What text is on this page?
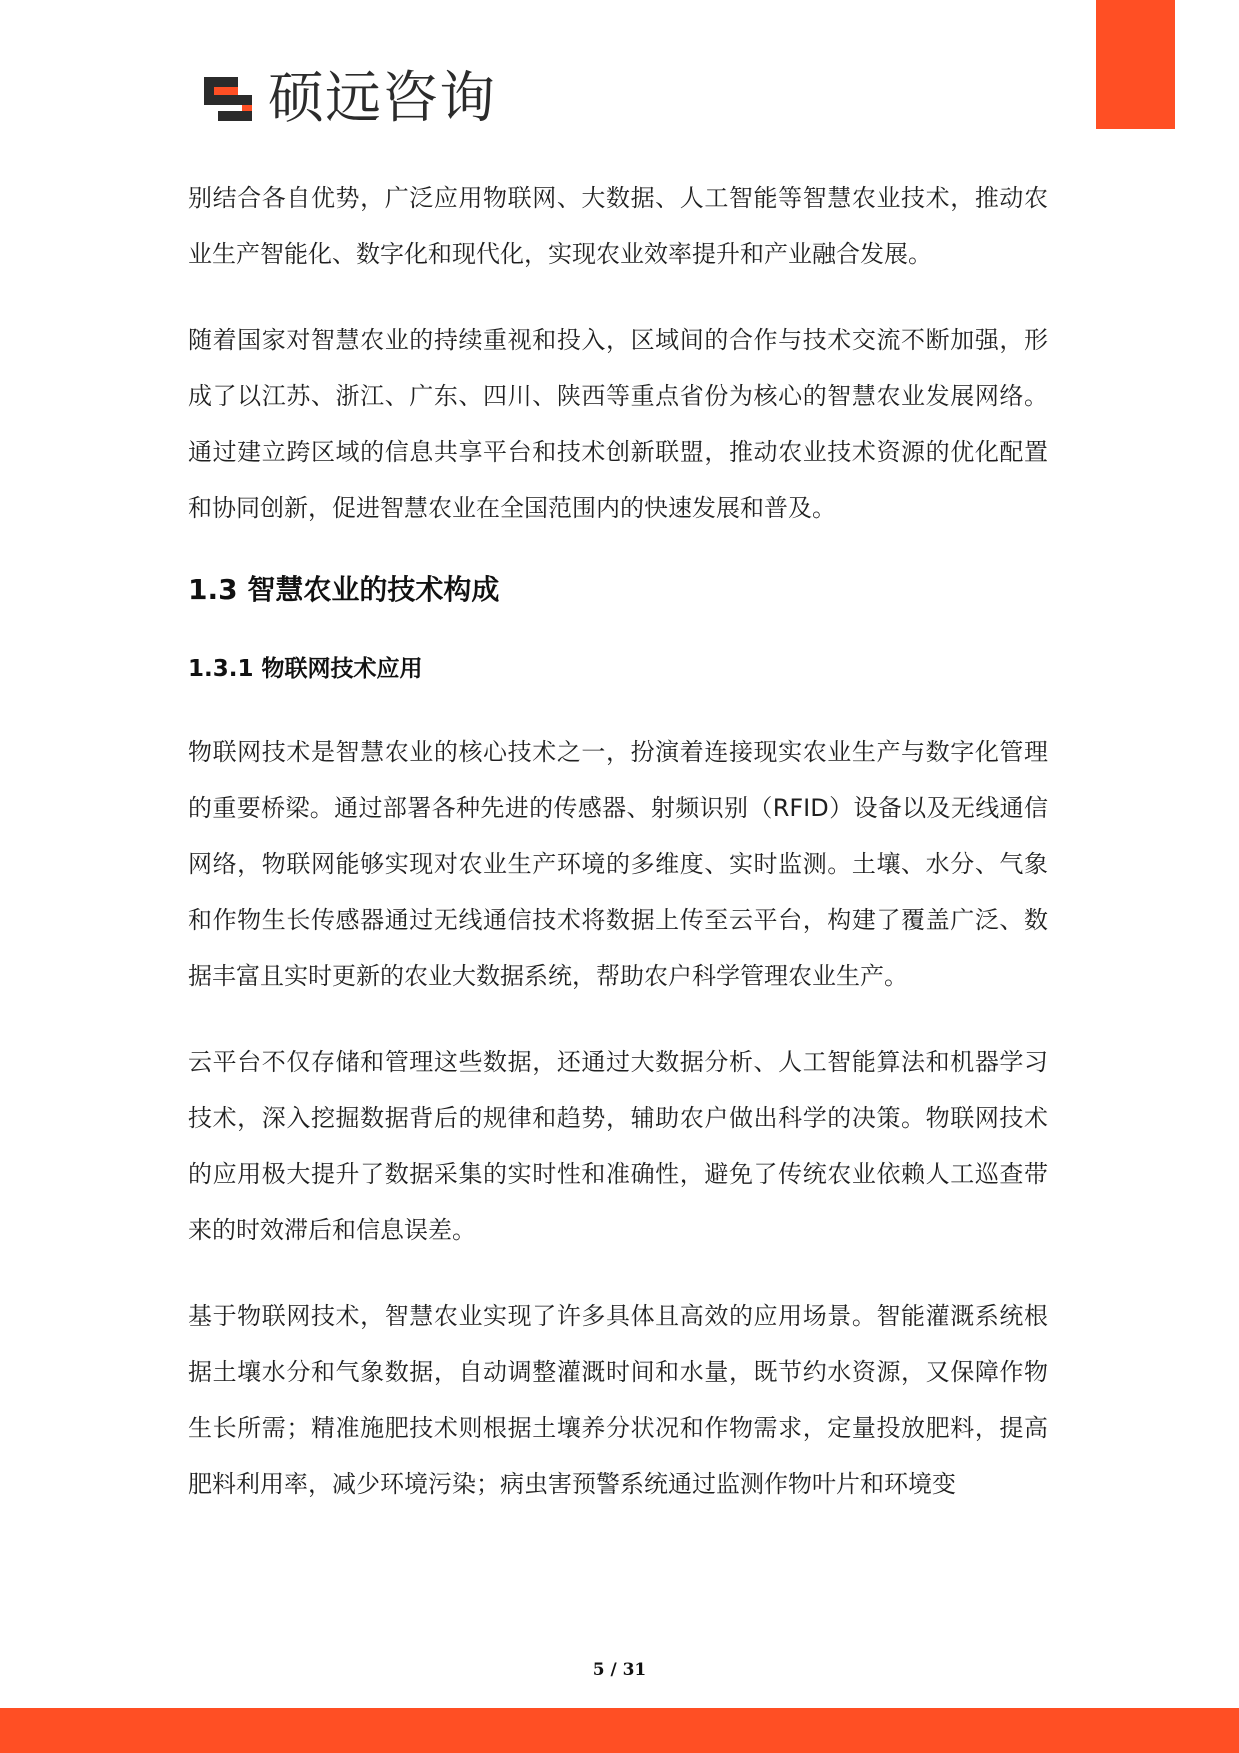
硕远咨询

别结合各自优势，广泛应用物联网、大数据、人工智能等智慧农业技术，推动农业生产智能化、数字化和现代化，实现农业效率提升和产业融合发展。

随着国家对智慧农业的持续重视和投入，区域间的合作与技术交流不断加强，形成了以江苏、浙江、广东、四川、陕西等重点省份为核心的智慧农业发展网络。通过建立跨区域的信息共享平台和技术创新联盟，推动农业技术资源的优化配置和协同创新，促进智慧农业在全国范围内的快速发展和普及。

1.3 智慧农业的技术构成
1.3.1 物联网技术应用

物联网技术是智慧农业的核心技术之一，扮演着连接现实农业生产与数字化管理的重要桥梁。通过部署各种先进的传感器、射频识别（RFID）设备以及无线通信网络，物联网能够实现对农业生产环境的多维度、实时监测。土壤、水分、气象和作物生长传感器通过无线通信技术将数据上传至云平台，构建了覆盖广泛、数据丰富且实时更新的农业大数据系统，帮助农户科学管理农业生产。

云平台不仅存储和管理这些数据，还通过大数据分析、人工智能算法和机器学习技术，深入挖掘数据背后的规律和趋势，辅助农户做出科学的决策。物联网技术的应用极大提升了数据采集的实时性和准确性，避免了传统农业依赖人工巡查带来的时效滞后和信息误差。

基于物联网技术，智慧农业实现了许多具体且高效的应用场景。智能灌溉系统根据土壤水分和气象数据，自动调整灌溉时间和水量，既节约水资源，又保障作物生长所需；精准施肥技术则根据土壤养分状况和作物需求，定量投放肥料，提高肥料利用率，减少环境污染；病虫害预警系统通过监测作物叶片和环境变

5 / 31
